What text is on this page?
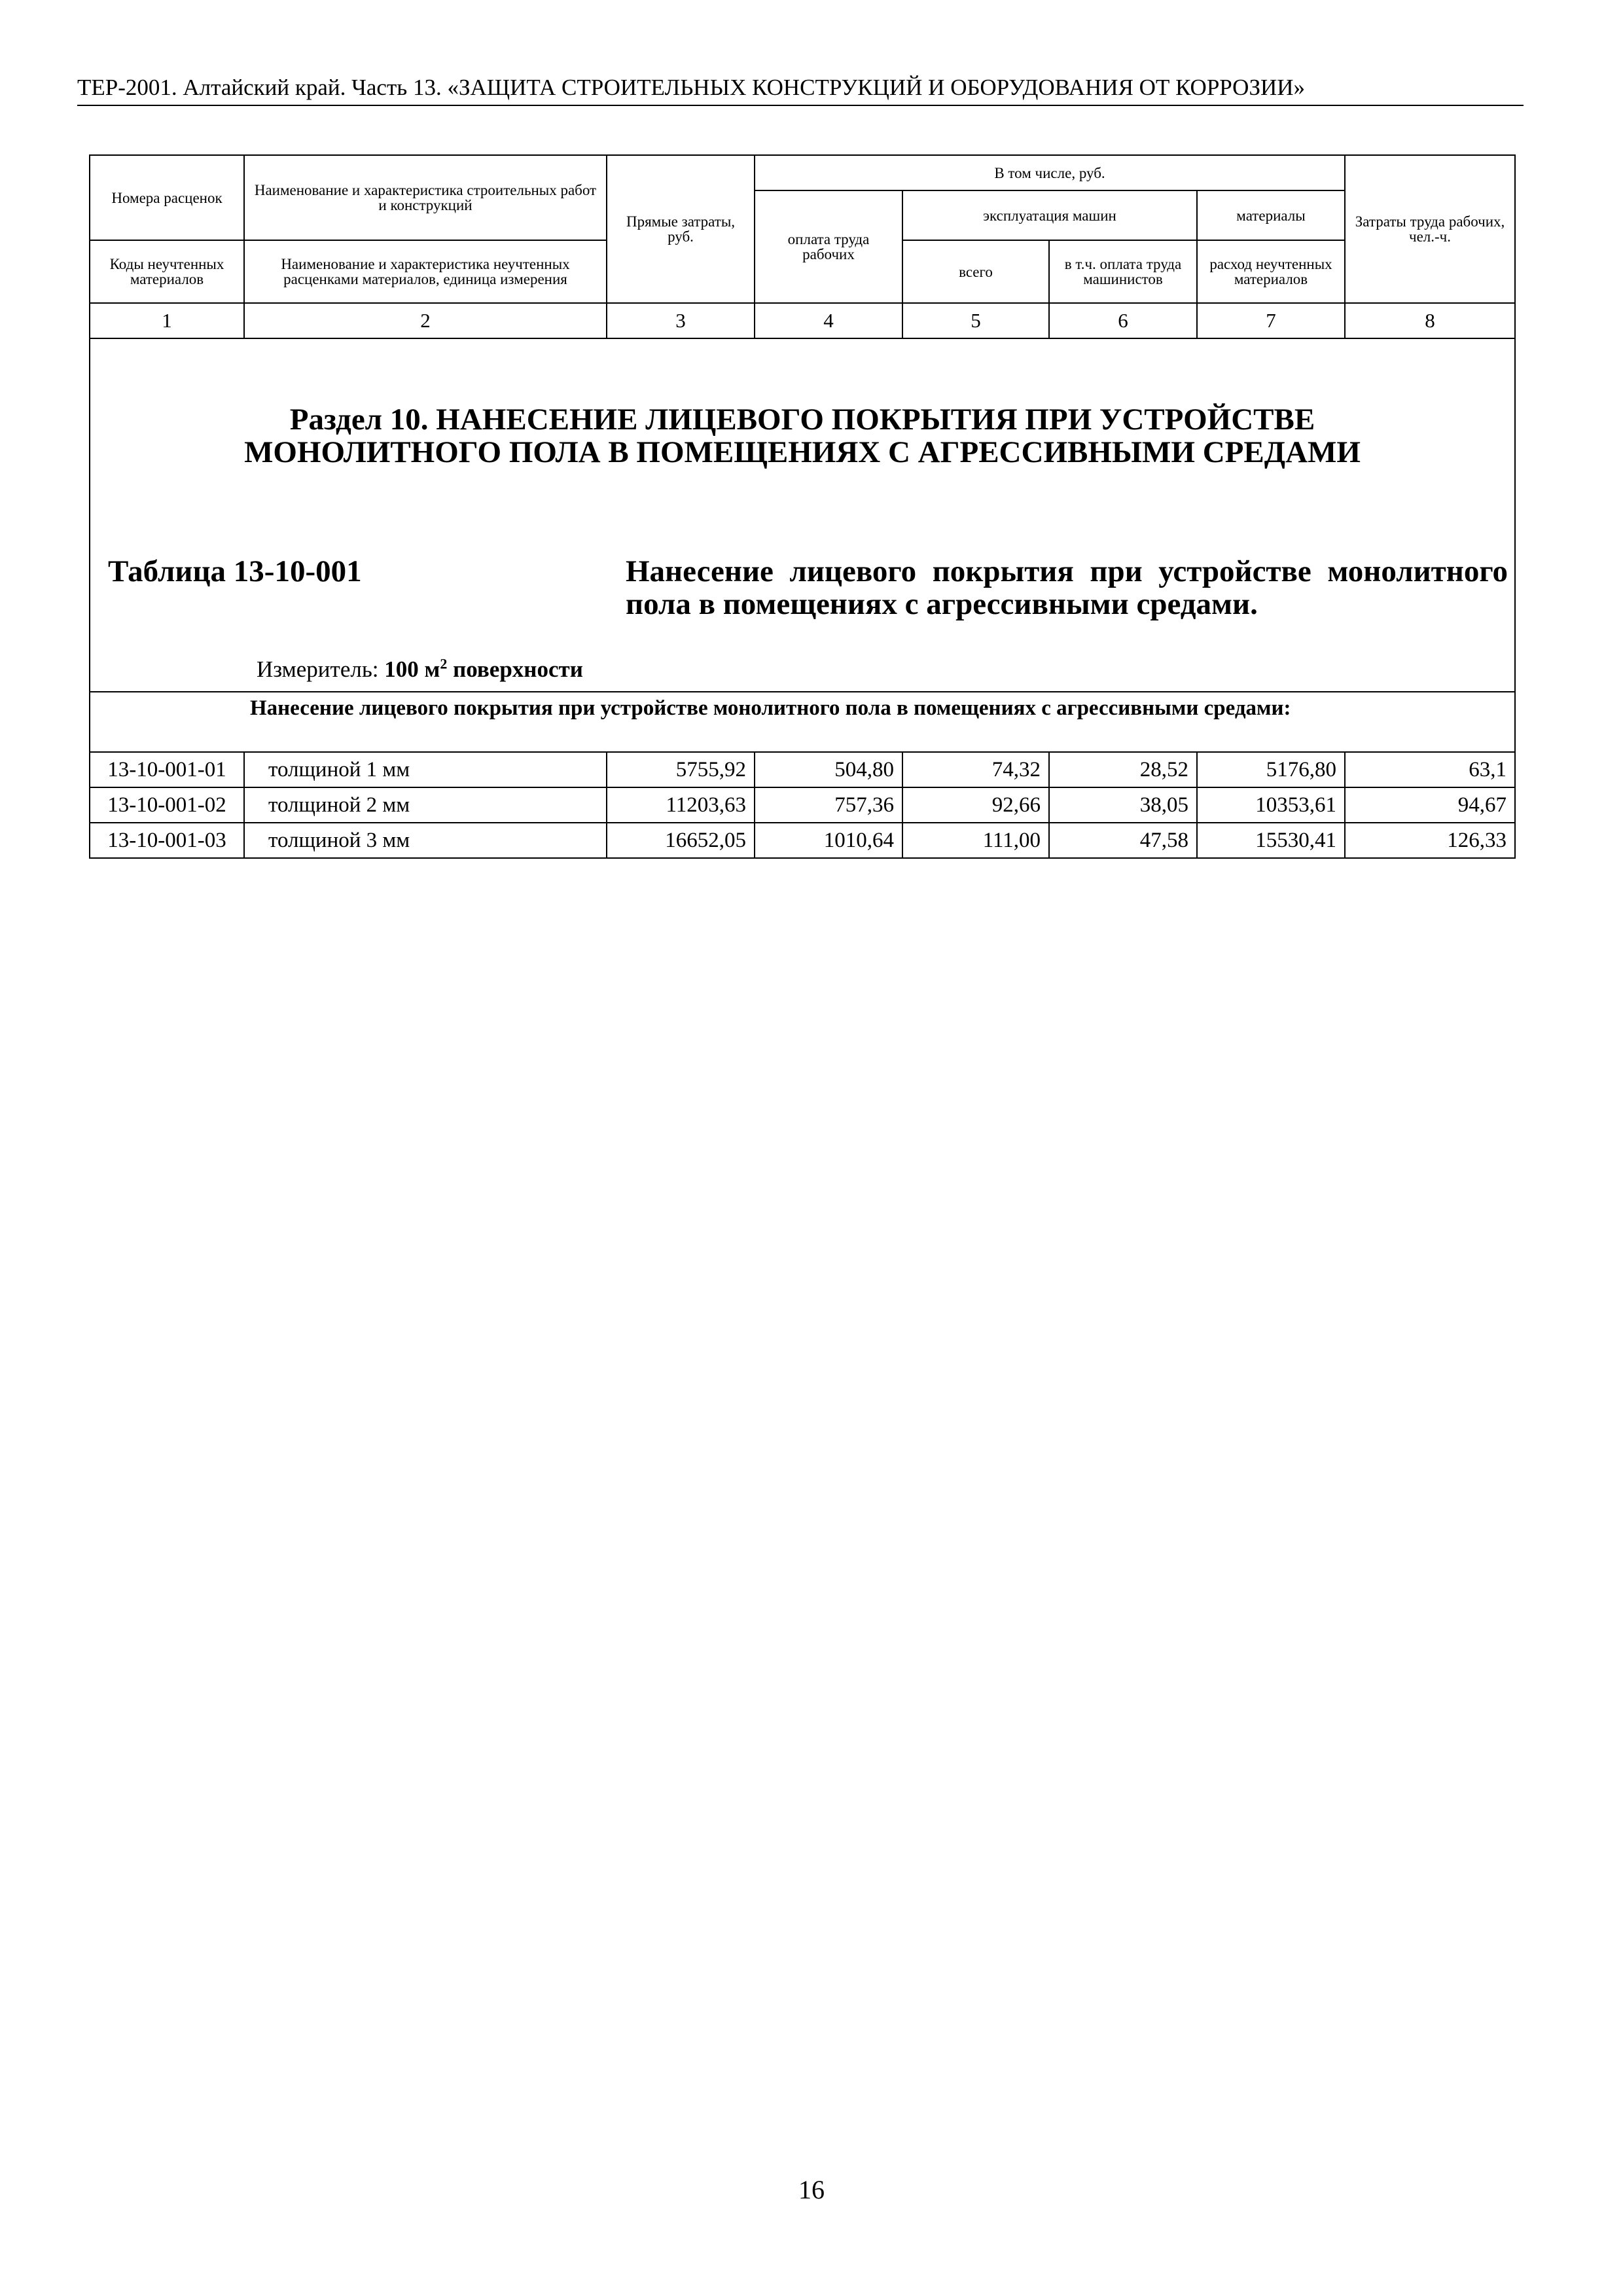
ТЕР-2001. Алтайский край. Часть 13. «ЗАЩИТА СТРОИТЕЛЬНЫХ КОНСТРУКЦИЙ И ОБОРУДОВАНИЯ ОТ КОРРОЗИИ»
Номера расценок	Наименование и характеристика строительных работ и конструкций	Прямые затраты, руб.	В том числе, руб.				Затраты труда рабочих, чел.-ч.
			оплата труда рабочих	эксплуатация машин		материалы	
Коды неучтенных материалов	Наименование и характеристика неучтенных расценками материалов, единица измерения			всего	в т.ч. оплата труда машинистов	расход неучтенных материалов	
1	2	3	4	5	6	7	8

Раздел 10. НАНЕСЕНИЕ ЛИЦЕВОГО ПОКРЫТИЯ ПРИ УСТРОЙСТВЕ
МОНОЛИТНОГО ПОЛА В ПОМЕЩЕНИЯХ С АГРЕССИВНЫМИ СРЕДАМИ
Таблица 13-10-001 Нанесение лицевого покрытия при устройстве монолитного пола в помещениях с агрессивными средами.
Измеритель: 100 $м^2$ поверхности							

Нанесение лицевого покрытия при устройстве монолитного пола в помещениях с агрессивными средами:							

13-10-001-01	толщиной 1 мм	5755,92	504,80	74,32	28,52	5176,80	63,1
13-10-001-02	толщиной 2 мм	11203,63	757,36	92,66	38,05	10353,61	94,67
13-10-001-03	толщиной 3 мм	16652,05	1010,64	111,00	47,58	15530,41	126,33
16
